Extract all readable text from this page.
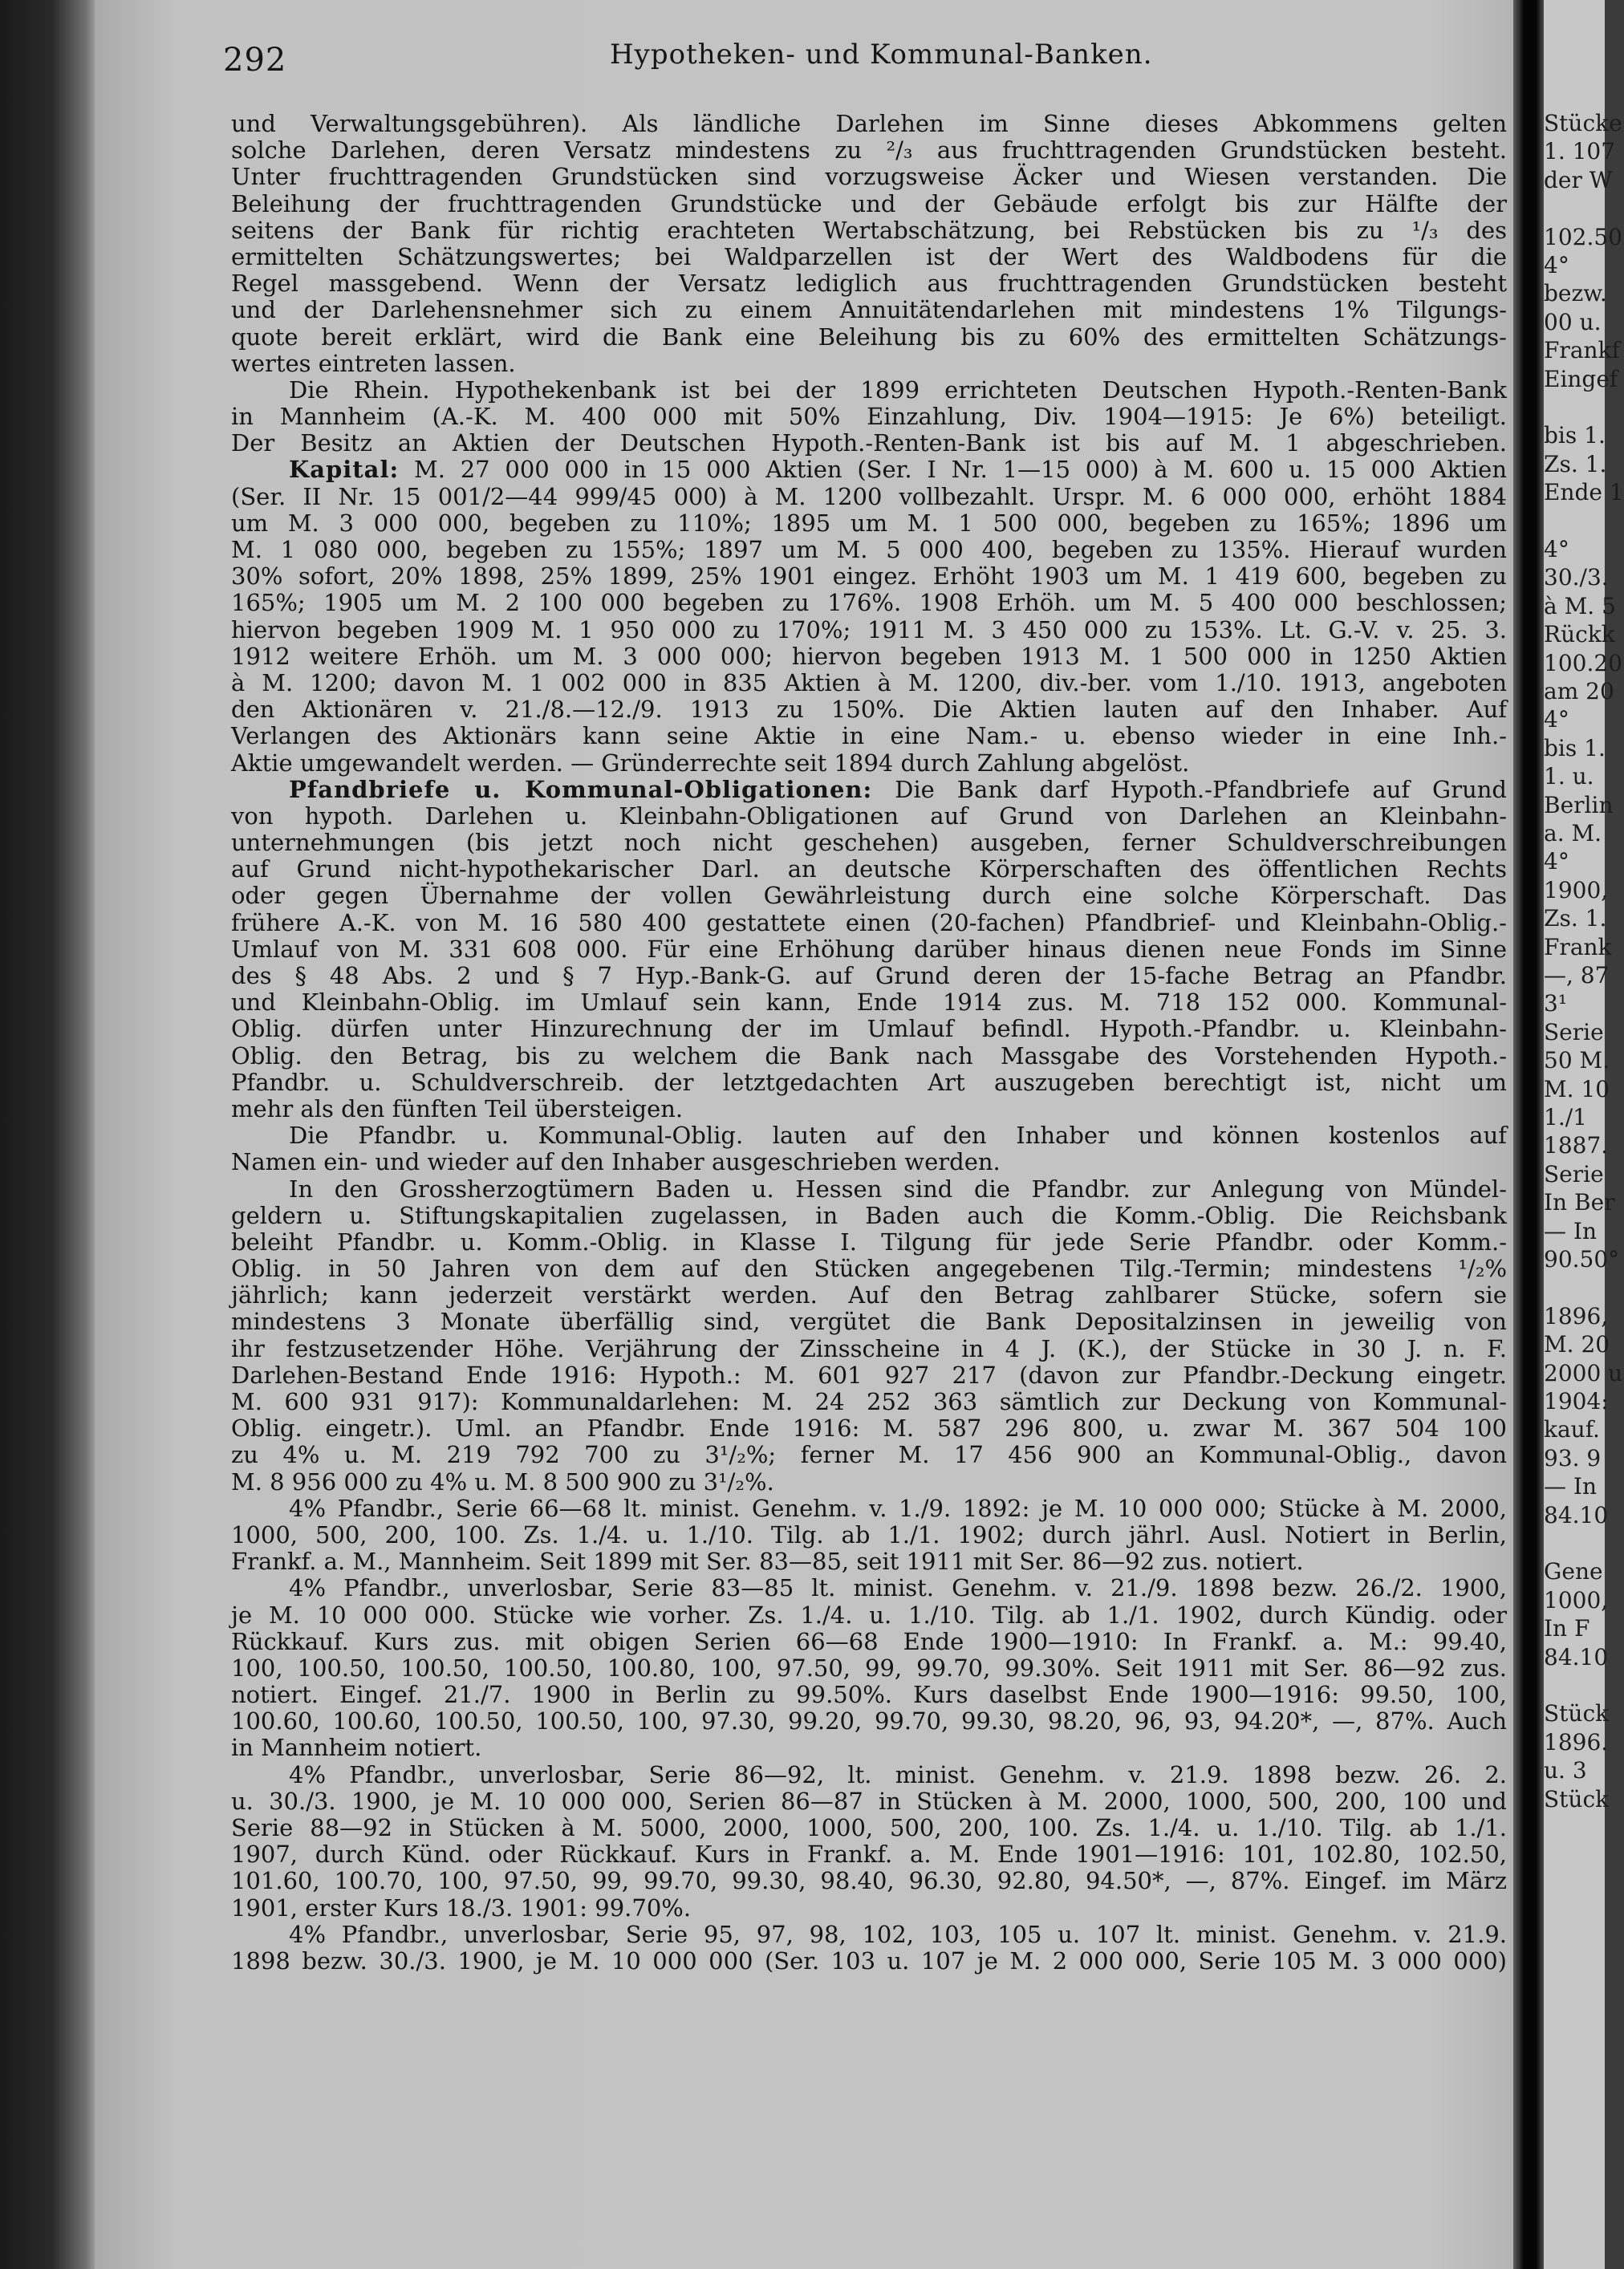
292	Hypotheken- und Kommunal-Banken.
und Verwaltungsgebühren). Als ländliche Darlehen im Sinne dieses Abkommens gelten
solche Darlehen, deren Versatz mindestens zu ²/₃ aus fruchttragenden Grundstücken besteht.
Unter fruchttragenden Grundstücken sind vorzugsweise Äcker und Wiesen verstanden. Die
Beleihung der fruchttragenden Grundstücke und der Gebäude erfolgt bis zur Hälfte der
seitens der Bank für richtig erachteten Wertabschätzung, bei Rebstücken bis zu ¹/₃ des
ermittelten Schätzungswertes; bei Waldparzellen ist der Wert des Waldbodens für die
Regel massgebend. Wenn der Versatz lediglich aus fruchttragenden Grundstücken besteht
und der Darlehensnehmer sich zu einem Annuitätendarlehen mit mindestens 1% Tilgungs-
quote bereit erklärt, wird die Bank eine Beleihung bis zu 60% des ermittelten Schätzungs-
wertes eintreten lassen.
Die Rhein. Hypothekenbank ist bei der 1899 errichteten Deutschen Hypoth.-Renten-Bank
in Mannheim (A.-K. M. 400 000 mit 50% Einzahlung, Div. 1904—1915: Je 6%) beteiligt.
Der Besitz an Aktien der Deutschen Hypoth.-Renten-Bank ist bis auf M. 1 abgeschrieben.
Kapital: M. 27 000 000 in 15 000 Aktien (Ser. I Nr. 1—15 000) à M. 600 u. 15 000 Aktien
(Ser. II Nr. 15 001/2—44 999/45 000) à M. 1200 vollbezahlt. Urspr. M. 6 000 000, erhöht 1884
um M. 3 000 000, begeben zu 110%; 1895 um M. 1 500 000, begeben zu 165%; 1896 um
M. 1 080 000, begeben zu 155%; 1897 um M. 5 000 400, begeben zu 135%. Hierauf wurden
30% sofort, 20% 1898, 25% 1899, 25% 1901 eingez. Erhöht 1903 um M. 1 419 600, begeben zu
165%; 1905 um M. 2 100 000 begeben zu 176%. 1908 Erhöh. um M. 5 400 000 beschlossen;
hiervon begeben 1909 M. 1 950 000 zu 170%; 1911 M. 3 450 000 zu 153%. Lt. G.-V. v. 25. 3.
1912 weitere Erhöh. um M. 3 000 000; hiervon begeben 1913 M. 1 500 000 in 1250 Aktien
à M. 1200; davon M. 1 002 000 in 835 Aktien à M. 1200, div.-ber. vom 1./10. 1913, angeboten
den Aktionären v. 21./8.—12./9. 1913 zu 150%. Die Aktien lauten auf den Inhaber. Auf
Verlangen des Aktionärs kann seine Aktie in eine Nam.- u. ebenso wieder in eine Inh.-
Aktie umgewandelt werden. — Gründerrechte seit 1894 durch Zahlung abgelöst.
Pfandbriefe u. Kommunal-Obligationen: Die Bank darf Hypoth.-Pfandbriefe auf Grund
von hypoth. Darlehen u. Kleinbahn-Obligationen auf Grund von Darlehen an Kleinbahn-
unternehmungen (bis jetzt noch nicht geschehen) ausgeben, ferner Schuldverschreibungen
auf Grund nicht-hypothekarischer Darl. an deutsche Körperschaften des öffentlichen Rechts
oder gegen Übernahme der vollen Gewährleistung durch eine solche Körperschaft. Das
frühere A.-K. von M. 16 580 400 gestattete einen (20-fachen) Pfandbrief- und Kleinbahn-Oblig.-
Umlauf von M. 331 608 000. Für eine Erhöhung darüber hinaus dienen neue Fonds im Sinne
des § 48 Abs. 2 und § 7 Hyp.-Bank-G. auf Grund deren der 15-fache Betrag an Pfandbr.
und Kleinbahn-Oblig. im Umlauf sein kann, Ende 1914 zus. M. 718 152 000. Kommunal-
Oblig. dürfen unter Hinzurechnung der im Umlauf befindl. Hypoth.-Pfandbr. u. Kleinbahn-
Oblig. den Betrag, bis zu welchem die Bank nach Massgabe des Vorstehenden Hypoth.-
Pfandbr. u. Schuldverschreib. der letztgedachten Art auszugeben berechtigt ist, nicht um
mehr als den fünften Teil übersteigen.
Die Pfandbr. u. Kommunal-Oblig. lauten auf den Inhaber und können kostenlos auf
Namen ein- und wieder auf den Inhaber ausgeschrieben werden.
In den Grossherzogtümern Baden u. Hessen sind die Pfandbr. zur Anlegung von Mündel-
geldern u. Stiftungskapitalien zugelassen, in Baden auch die Komm.-Oblig. Die Reichsbank
beleiht Pfandbr. u. Komm.-Oblig. in Klasse I. Tilgung für jede Serie Pfandbr. oder Komm.-
Oblig. in 50 Jahren von dem auf den Stücken angegebenen Tilg.-Termin; mindestens ¹/₂%
jährlich; kann jederzeit verstärkt werden. Auf den Betrag zahlbarer Stücke, sofern sie
mindestens 3 Monate überfällig sind, vergütet die Bank Depositalzinsen in jeweilig von
ihr festzusetzender Höhe. Verjährung der Zinsscheine in 4 J. (K.), der Stücke in 30 J. n. F.
Darlehen-Bestand Ende 1916: Hypoth.: M. 601 927 217 (davon zur Pfandbr.-Deckung eingetr.
M. 600 931 917): Kommunaldarlehen: M. 24 252 363 sämtlich zur Deckung von Kommunal-
Oblig. eingetr.). Uml. an Pfandbr. Ende 1916: M. 587 296 800, u. zwar M. 367 504 100
zu 4% u. M. 219 792 700 zu 3¹/₂%; ferner M. 17 456 900 an Kommunal-Oblig., davon
M. 8 956 000 zu 4% u. M. 8 500 900 zu 3¹/₂%.
4% Pfandbr., Serie 66—68 lt. minist. Genehm. v. 1./9. 1892: je M. 10 000 000; Stücke à M. 2000,
1000, 500, 200, 100. Zs. 1./4. u. 1./10. Tilg. ab 1./1. 1902; durch jährl. Ausl. Notiert in Berlin,
Frankf. a. M., Mannheim. Seit 1899 mit Ser. 83—85, seit 1911 mit Ser. 86—92 zus. notiert.
4% Pfandbr., unverlosbar, Serie 83—85 lt. minist. Genehm. v. 21./9. 1898 bezw. 26./2. 1900,
je M. 10 000 000. Stücke wie vorher. Zs. 1./4. u. 1./10. Tilg. ab 1./1. 1902, durch Kündig. oder
Rückkauf. Kurs zus. mit obigen Serien 66—68 Ende 1900—1910: In Frankf. a. M.: 99.40,
100, 100.50, 100.50, 100.50, 100.80, 100, 97.50, 99, 99.70, 99.30%. Seit 1911 mit Ser. 86—92 zus.
notiert. Eingef. 21./7. 1900 in Berlin zu 99.50%. Kurs daselbst Ende 1900—1916: 99.50, 100,
100.60, 100.60, 100.50, 100.50, 100, 97.30, 99.20, 99.70, 99.30, 98.20, 96, 93, 94.20*, —, 87%. Auch
in Mannheim notiert.
4% Pfandbr., unverlosbar, Serie 86—92, lt. minist. Genehm. v. 21.9. 1898 bezw. 26. 2.
u. 30./3. 1900, je M. 10 000 000, Serien 86—87 in Stücken à M. 2000, 1000, 500, 200, 100 und
Serie 88—92 in Stücken à M. 5000, 2000, 1000, 500, 200, 100. Zs. 1./4. u. 1./10. Tilg. ab 1./1.
1907, durch Künd. oder Rückkauf. Kurs in Frankf. a. M. Ende 1901—1916: 101, 102.80, 102.50,
101.60, 100.70, 100, 97.50, 99, 99.70, 99.30, 98.40, 96.30, 92.80, 94.50*, —, 87%. Eingef. im März
1901, erster Kurs 18./3. 1901: 99.70%.
4% Pfandbr., unverlosbar, Serie 95, 97, 98, 102, 103, 105 u. 107 lt. minist. Genehm. v. 21.9.
1898 bezw. 30./3. 1900, je M. 10 000 000 (Ser. 103 u. 107 je M. 2 000 000, Serie 105 M. 3 000 000)
Stücke
1. 107
der W
102.50
4°
bezw.
00 u.
Frankf
Eingef
bis 1.
Zs. 1.
Ende 1
4°
30./3.
à M. 5
Rückk
100.20
am 20
4°
bis 1.
1. u.
Berlin
a. M.
4°
1900,
Zs. 1.
Frank
—, 87
3¹
Serie
50 M.
M. 10
1./1
1887.
Serie
In Ber
— In
90.50°
1896,
M. 20
2000 u
1904:
kauf.
93. 9
— In
84.10
Gene
1000,
In F
84.10
Stück
1896.
u. 3
Stück
